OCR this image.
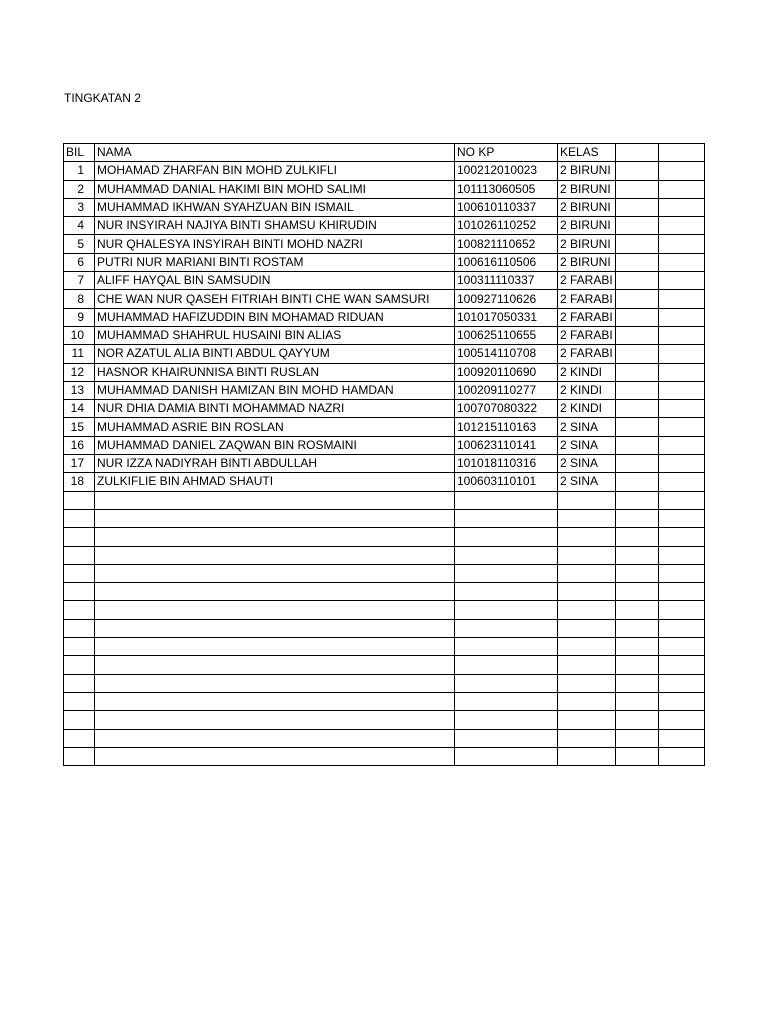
TINGKATAN 2
BIL	NAMA	NO KP	KELAS		
1	MOHAMAD ZHARFAN BIN MOHD ZULKIFLI	100212010023	2 BIRUNI		
2	MUHAMMAD DANIAL HAKIMI BIN MOHD SALIMI	101113060505	2 BIRUNI		
3	MUHAMMAD IKHWAN SYAHZUAN BIN ISMAIL	100610110337	2 BIRUNI		
4	NUR INSYIRAH NAJIYA BINTI SHAMSU KHIRUDIN	101026110252	2 BIRUNI		
5	NUR QHALESYA INSYIRAH BINTI MOHD NAZRI	100821110652	2 BIRUNI		
6	PUTRI NUR MARIANI BINTI ROSTAM	100616110506	2 BIRUNI		
7	ALIFF HAYQAL BIN SAMSUDIN	100311110337	2 FARABI		
8	CHE WAN NUR QASEH FITRIAH BINTI CHE WAN SAMSURI	100927110626	2 FARABI		
9	MUHAMMAD HAFIZUDDIN BIN MOHAMAD RIDUAN	101017050331	2 FARABI		
10	MUHAMMAD SHAHRUL HUSAINI BIN ALIAS	100625110655	2 FARABI		
11	NOR AZATUL ALIA BINTI ABDUL QAYYUM	100514110708	2 FARABI		
12	HASNOR KHAIRUNNISA BINTI RUSLAN	100920110690	2 KINDI		
13	MUHAMMAD DANISH HAMIZAN BIN MOHD HAMDAN	100209110277	2 KINDI		
14	NUR DHIA DAMIA BINTI MOHAMMAD NAZRI	100707080322	2 KINDI		
15	MUHAMMAD ASRIE BIN ROSLAN	101215110163	2 SINA		
16	MUHAMMAD DANIEL ZAQWAN BIN ROSMAINI	100623110141	2 SINA		
17	NUR IZZA NADIYRAH BINTI ABDULLAH	101018110316	2 SINA		
18	ZULKIFLIE BIN AHMAD SHAUTI	100603110101	2 SINA		
